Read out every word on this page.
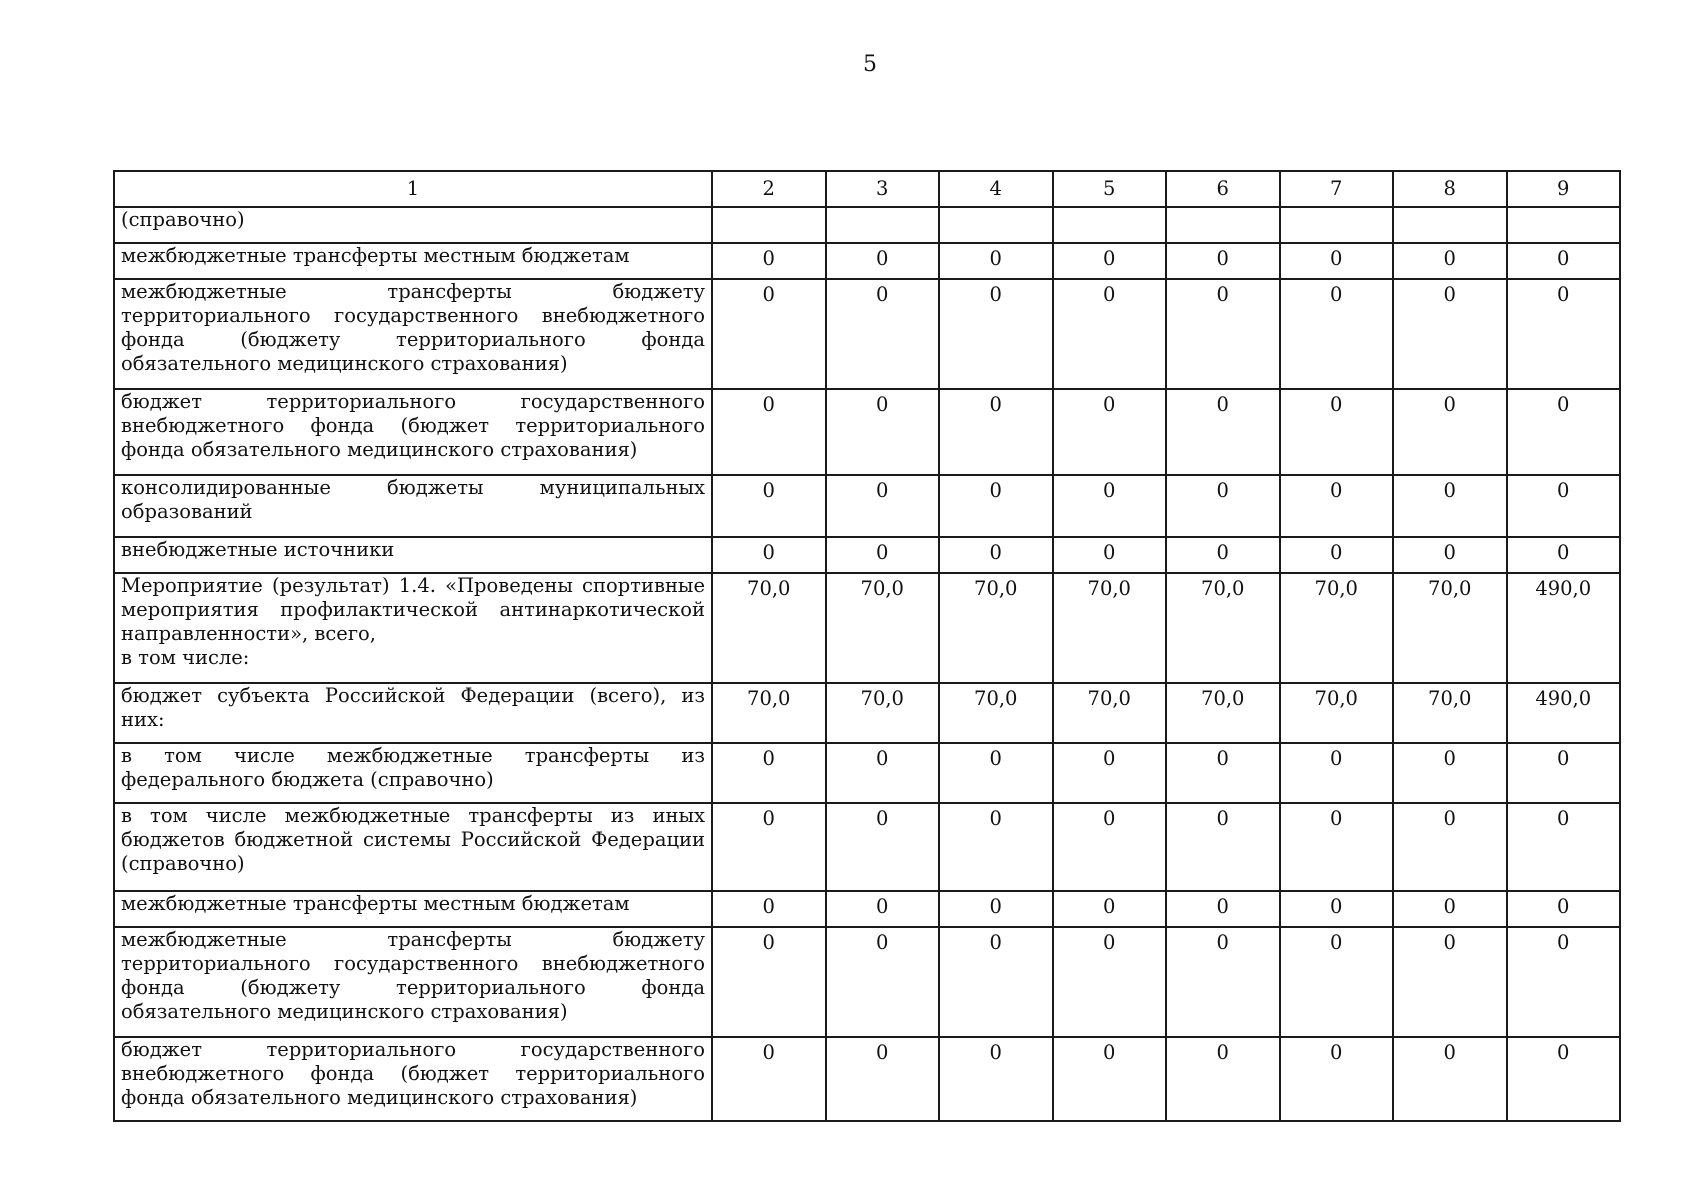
5
1	2	3	4	5	6	7	8	9
(справочно)								
межбюджетные трансферты местным бюджетам	0	0	0	0	0	0	0	0
межбюджетные трансферты бюджету территориального государственного внебюджетного фонда (бюджету территориального фонда обязательного медицинского страхования)	0	0	0	0	0	0	0	0
бюджет территориального государственного внебюджетного фонда (бюджет территориального фонда обязательного медицинского страхования)	0	0	0	0	0	0	0	0
консолидированные бюджеты муниципальных образований	0	0	0	0	0	0	0	0
внебюджетные источники	0	0	0	0	0	0	0	0
Мероприятие (результат) 1.4. «Проведены спортивные мероприятия профилактической антинаркотической направленности», всего,
в том числе:	70,0	70,0	70,0	70,0	70,0	70,0	70,0	490,0
бюджет субъекта Российской Федерации (всего), из них:	70,0	70,0	70,0	70,0	70,0	70,0	70,0	490,0
в том числе межбюджетные трансферты из федерального бюджета (справочно)	0	0	0	0	0	0	0	0
в том числе межбюджетные трансферты из иных бюджетов бюджетной системы Российской Федерации (справочно)	0	0	0	0	0	0	0	0
межбюджетные трансферты местным бюджетам	0	0	0	0	0	0	0	0
межбюджетные трансферты бюджету территориального государственного внебюджетного фонда (бюджету территориального фонда обязательного медицинского страхования)	0	0	0	0	0	0	0	0
бюджет территориального государственного внебюджетного фонда (бюджет территориального фонда обязательного медицинского страхования)	0	0	0	0	0	0	0	0
